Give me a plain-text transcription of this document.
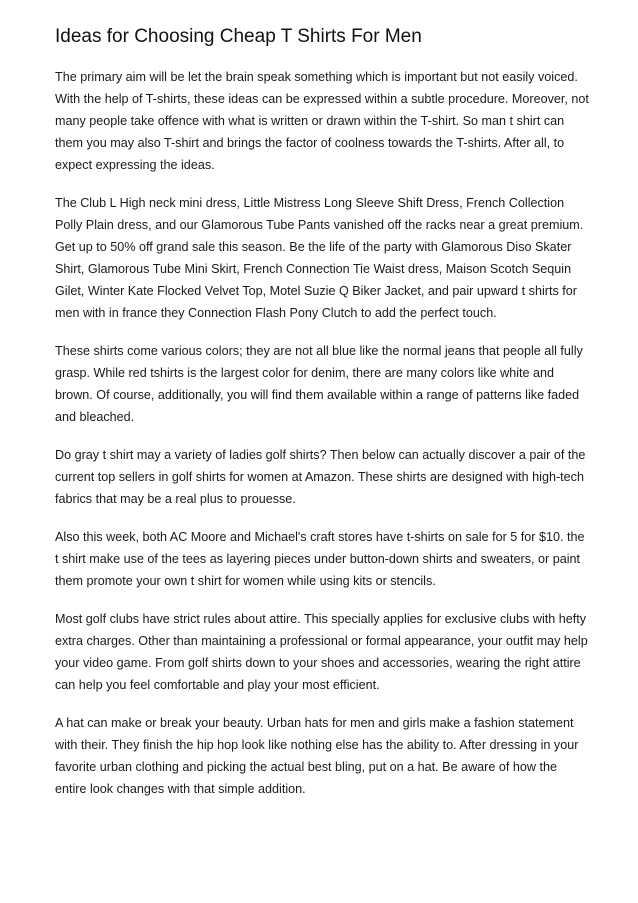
Ideas for Choosing Cheap T Shirts For Men

The primary aim will be let the brain speak something which is important but not easily voiced. With the help of T-shirts, these ideas can be expressed within a subtle procedure. Moreover, not many people take offence with what is written or drawn within the T-shirt. So man t shirt can them you may also T-shirt and brings the factor of coolness towards the T-shirts. After all, to expect expressing the ideas.

The Club L High neck mini dress, Little Mistress Long Sleeve Shift Dress, French Collection Polly Plain dress, and our Glamorous Tube Pants vanished off the racks near a great premium. Get up to 50% off grand sale this season. Be the life of the party with Glamorous Diso Skater Shirt, Glamorous Tube Mini Skirt, French Connection Tie Waist dress, Maison Scotch Sequin Gilet, Winter Kate Flocked Velvet Top, Motel Suzie Q Biker Jacket, and pair upward t shirts for men with in france they Connection Flash Pony Clutch to add the perfect touch.

These shirts come various colors; they are not all blue like the normal jeans that people all fully grasp. While red tshirts is the largest color for denim, there are many colors like white and brown. Of course, additionally, you will find them available within a range of patterns like faded and bleached.

Do gray t shirt may a variety of ladies golf shirts? Then below can actually discover a pair of the current top sellers in golf shirts for women at Amazon. These shirts are designed with high-tech fabrics that may be a real plus to prouesse.

Also this week, both AC Moore and Michael's craft stores have t-shirts on sale for 5 for $10. the t shirt make use of the tees as layering pieces under button-down shirts and sweaters, or paint them promote your own t shirt for women while using kits or stencils.

Most golf clubs have strict rules about attire. This specially applies for exclusive clubs with hefty extra charges. Other than maintaining a professional or formal appearance, your outfit may help your video game. From golf shirts down to your shoes and accessories, wearing the right attire can help you feel comfortable and play your most efficient.

A hat can make or break your beauty. Urban hats for men and girls make a fashion statement with their. They finish the hip hop look like nothing else has the ability to. After dressing in your favorite urban clothing and picking the actual best bling, put on a hat. Be aware of how the entire look changes with that simple addition.
